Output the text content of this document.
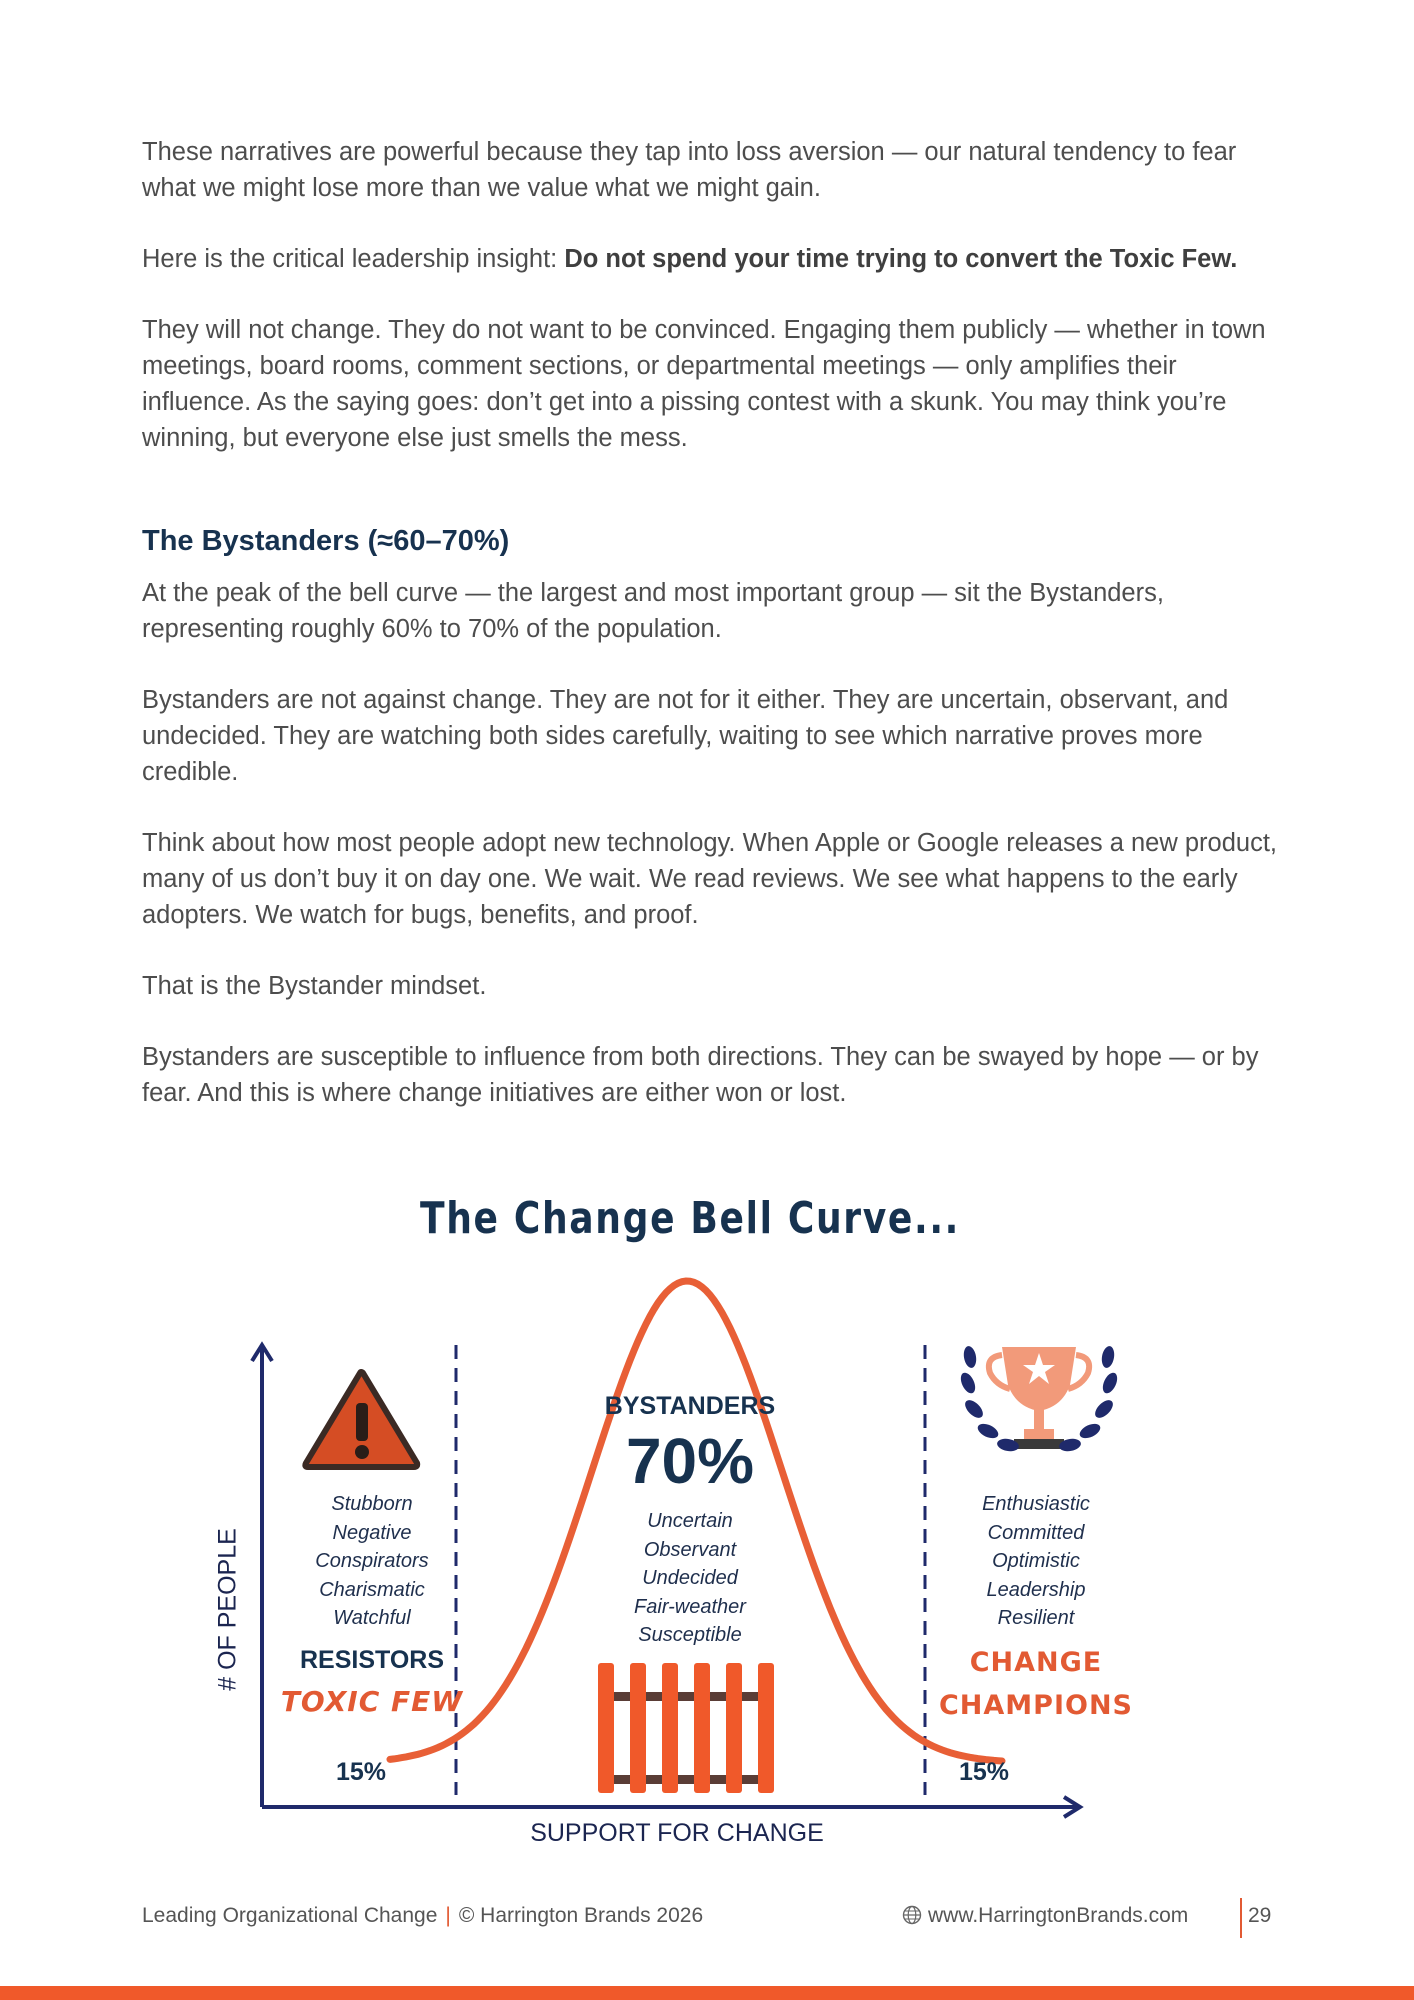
These narratives are powerful because they tap into loss aversion — our natural tendency to fear what we might lose more than we value what we might gain.

Here is the critical leadership insight: Do not spend your time trying to convert the Toxic Few.

They will not change. They do not want to be convinced. Engaging them publicly — whether in town meetings, board rooms, comment sections, or departmental meetings — only amplifies their influence. As the saying goes: don’t get into a pissing contest with a skunk. You may think you’re winning, but everyone else just smells the mess.

The Bystanders (≈60–70%)

At the peak of the bell curve — the largest and most important group — sit the Bystanders, representing roughly 60% to 70% of the population.

Bystanders are not against change. They are not for it either. They are uncertain, observant, and undecided. They are watching both sides carefully, waiting to see which narrative proves more credible.

Think about how most people adopt new technology. When Apple or Google releases a new product, many of us don’t buy it on day one. We wait. We read reviews. We see what happens to the early adopters. We watch for bugs, benefits, and proof.

That is the Bystander mindset.

Bystanders are susceptible to influence from both directions. They can be swayed by hope — or by fear. And this is where change initiatives are either won or lost.

The Change Bell Curve...
Stubborn
Negative
Conspirators
Charismatic
Watchful
RESISTORS
TOXIC FEW
15%
BYSTANDERS
70%
Uncertain
Observant
Undecided
Fair-weather
Susceptible
Enthusiastic
Committed
Optimistic
Leadership
Resilient
CHANGE
CHAMPIONS
15%
SUPPORT FOR CHANGE
# OF PEOPLE
Leading Organizational Change | © Harrington Brands 2026	www.HarringtonBrands.com	29
